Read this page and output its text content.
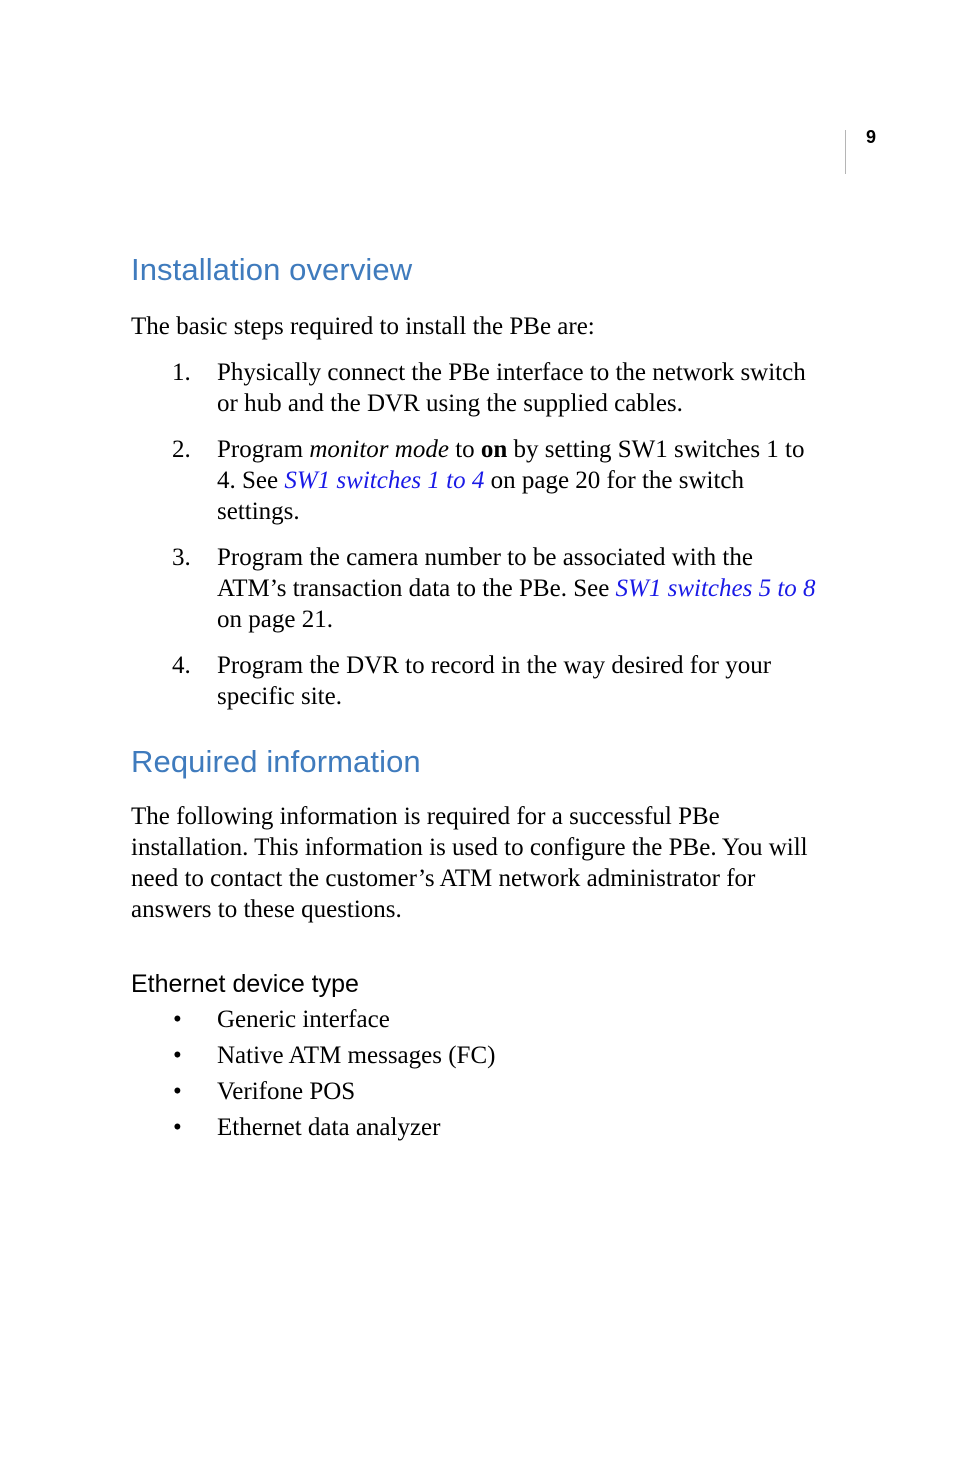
9
Installation overview

The basic steps required to install the PBe are:

1. Physically connect the PBe interface to the network switch or hub and the DVR using the supplied cables.
2. Program monitor mode to on by setting SW1 switches 1 to 4. See SW1 switches 1 to 4 on page 20 for the switch settings.
3. Program the camera number to be associated with the ATM’s transaction data to the PBe. See SW1 switches 5 to 8 on page 21.
4. Program the DVR to record in the way desired for your specific site.
Required information

The following information is required for a successful PBe installation. This information is used to configure the PBe. You will need to contact the customer’s ATM network administrator for answers to these questions.

Ethernet device type
• Generic interface
• Native ATM messages (FC)
• Verifone POS
• Ethernet data analyzer
